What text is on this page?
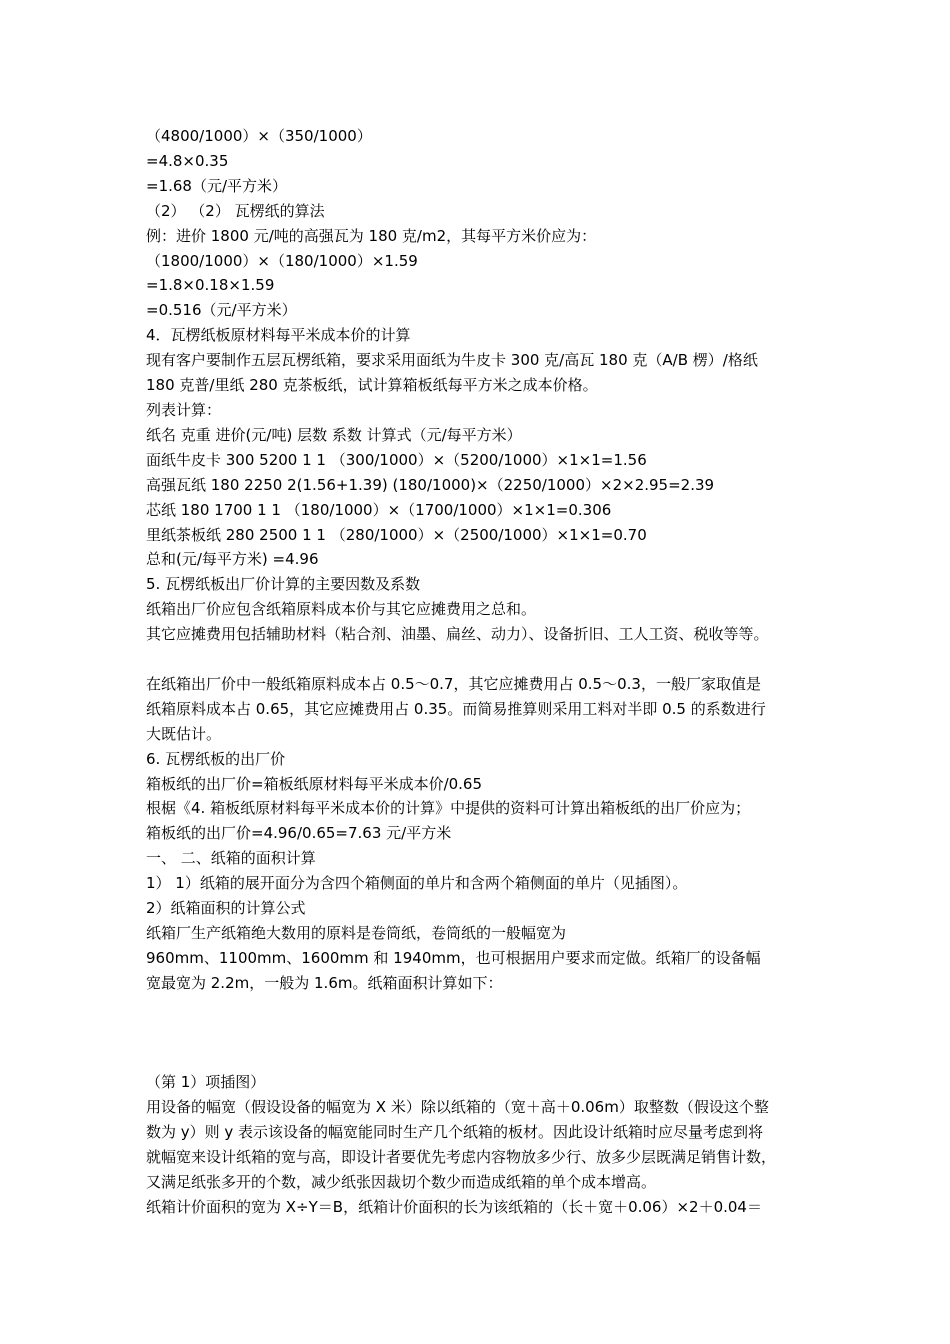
（4800/1000）×（350/1000）
=4.8×0.35
=1.68（元/平方米）
（2） （2） 瓦楞纸的算法
例：进价 1800 元/吨的高强瓦为 180 克/m2，其每平方米价应为：
（1800/1000）×（180/1000）×1.59
=1.8×0.18×1.59
=0.516（元/平方米）
4．瓦楞纸板原材料每平米成本价的计算
现有客户要制作五层瓦楞纸箱，要求采用面纸为牛皮卡 300 克/高瓦 180 克（A/B 楞）/格纸
180 克普/里纸 280 克茶板纸，试计算箱板纸每平方米之成本价格。
列表计算：
纸名 克重 进价(元/吨) 层数 系数 计算式（元/每平方米）
面纸牛皮卡 300 5200 1 1 （300/1000）×（5200/1000）×1×1=1.56
高强瓦纸 180 2250 2(1.56+1.39) (180/1000)×（2250/1000）×2×2.95=2.39
芯纸 180 1700 1 1 （180/1000）×（1700/1000）×1×1=0.306
里纸茶板纸 280 2500 1 1 （280/1000）×（2500/1000）×1×1=0.70
总和(元/每平方米) =4.96
5. 瓦楞纸板出厂价计算的主要因数及系数
纸箱出厂价应包含纸箱原料成本价与其它应摊费用之总和。
其它应摊费用包括辅助材料（粘合剂、油墨、扁丝、动力）、设备折旧、工人工资、税收等等。
在纸箱出厂价中一般纸箱原料成本占 0.5～0.7，其它应摊费用占 0.5～0.3，一般厂家取值是
纸箱原料成本占 0.65，其它应摊费用占 0.35。而简易推算则采用工料对半即 0.5 的系数进行
大既估计。
6. 瓦楞纸板的出厂价
箱板纸的出厂价=箱板纸原材料每平米成本价/0.65
根椐《4. 箱板纸原材料每平米成本价的计算》中提供的资料可计算出箱板纸的出厂价应为；
箱板纸的出厂价=4.96/0.65=7.63 元/平方米
一、 二、纸箱的面积计算
1） 1）纸箱的展开面分为含四个箱侧面的单片和含两个箱侧面的单片（见插图）。
2）纸箱面积的计算公式
纸箱厂生产纸箱绝大数用的原料是卷筒纸，卷筒纸的一般幅宽为
960mm、1100mm、1600mm 和 1940mm，也可根据用户要求而定做。纸箱厂的设备幅
宽最宽为 2.2m，一般为 1.6m。纸箱面积计算如下：
（第 1）项插图）
用设备的幅宽（假设设备的幅宽为 X 米）除以纸箱的（宽＋高＋0.06m）取整数（假设这个整
数为 y）则 y 表示该设备的幅宽能同时生产几个纸箱的板材。因此设计纸箱时应尽量考虑到将
就幅宽来设计纸箱的宽与高，即设计者要优先考虑内容物放多少行、放多少层既满足销售计数，
又满足纸张多开的个数，减少纸张因裁切个数少而造成纸箱的单个成本增高。
纸箱计价面积的宽为 X÷Y＝B，纸箱计价面积的长为该纸箱的（长＋宽＋0.06）×2＋0.04＝
